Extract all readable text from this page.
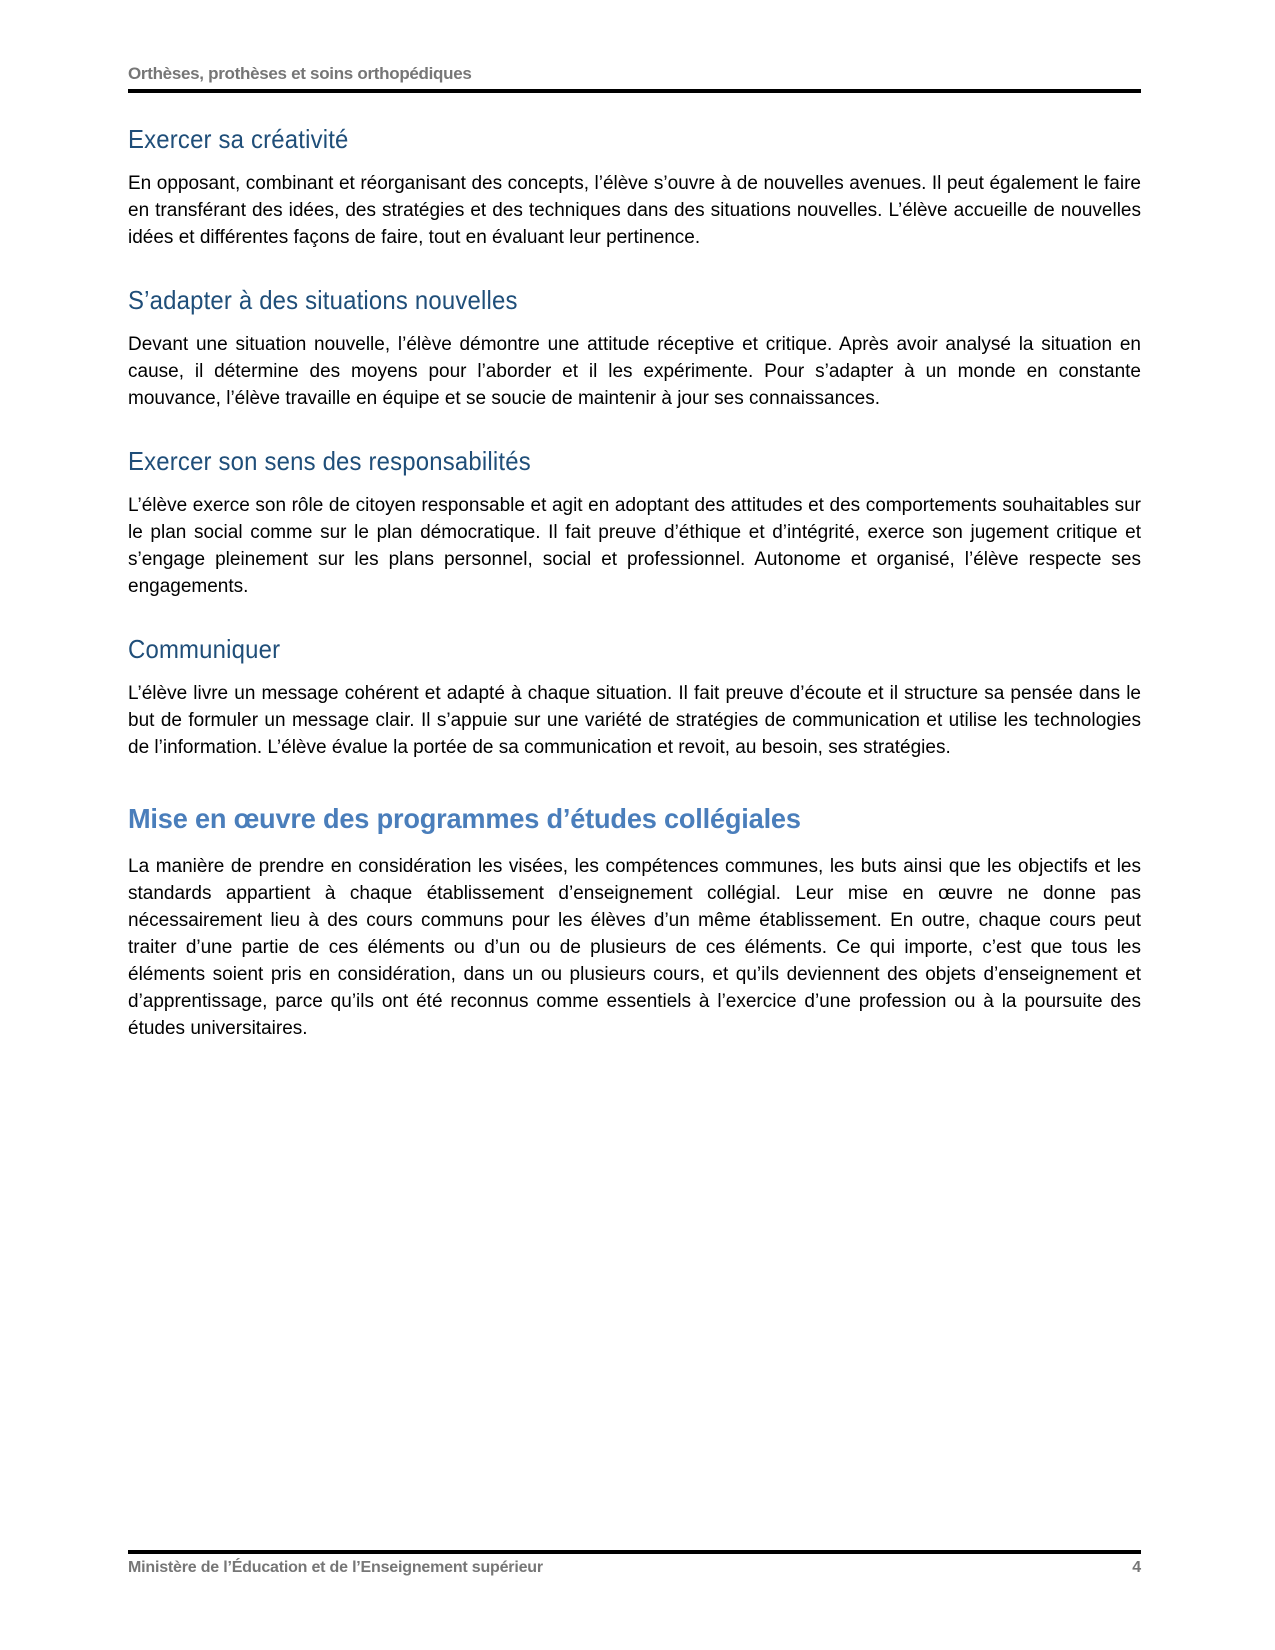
Orthèses, prothèses et soins orthopédiques
Exercer sa créativité

En opposant, combinant et réorganisant des concepts, l’élève s’ouvre à de nouvelles avenues. Il peut également le faire en transférant des idées, des stratégies et des techniques dans des situations nouvelles. L’élève accueille de nouvelles idées et différentes façons de faire, tout en évaluant leur pertinence.

S’adapter à des situations nouvelles

Devant une situation nouvelle, l’élève démontre une attitude réceptive et critique. Après avoir analysé la situation en cause, il détermine des moyens pour l’aborder et il les expérimente. Pour s’adapter à un monde en constante mouvance, l’élève travaille en équipe et se soucie de maintenir à jour ses connaissances.

Exercer son sens des responsabilités

L’élève exerce son rôle de citoyen responsable et agit en adoptant des attitudes et des comportements souhaitables sur le plan social comme sur le plan démocratique. Il fait preuve d’éthique et d’intégrité, exerce son jugement critique et s’engage pleinement sur les plans personnel, social et professionnel. Autonome et organisé, l’élève respecte ses engagements.

Communiquer

L’élève livre un message cohérent et adapté à chaque situation. Il fait preuve d’écoute et il structure sa pensée dans le but de formuler un message clair. Il s’appuie sur une variété de stratégies de communication et utilise les technologies de l’information. L’élève évalue la portée de sa communication et revoit, au besoin, ses stratégies.

Mise en œuvre des programmes d’études collégiales

La manière de prendre en considération les visées, les compétences communes, les buts ainsi que les objectifs et les standards appartient à chaque établissement d’enseignement collégial. Leur mise en œuvre ne donne pas nécessairement lieu à des cours communs pour les élèves d’un même établissement. En outre, chaque cours peut traiter d’une partie de ces éléments ou d’un ou de plusieurs de ces éléments. Ce qui importe, c’est que tous les éléments soient pris en considération, dans un ou plusieurs cours, et qu’ils deviennent des objets d’enseignement et d’apprentissage, parce qu’ils ont été reconnus comme essentiels à l’exercice d’une profession ou à la poursuite des études universitaires.

Ministère de l’Éducation et de l’Enseignement supérieur	4
